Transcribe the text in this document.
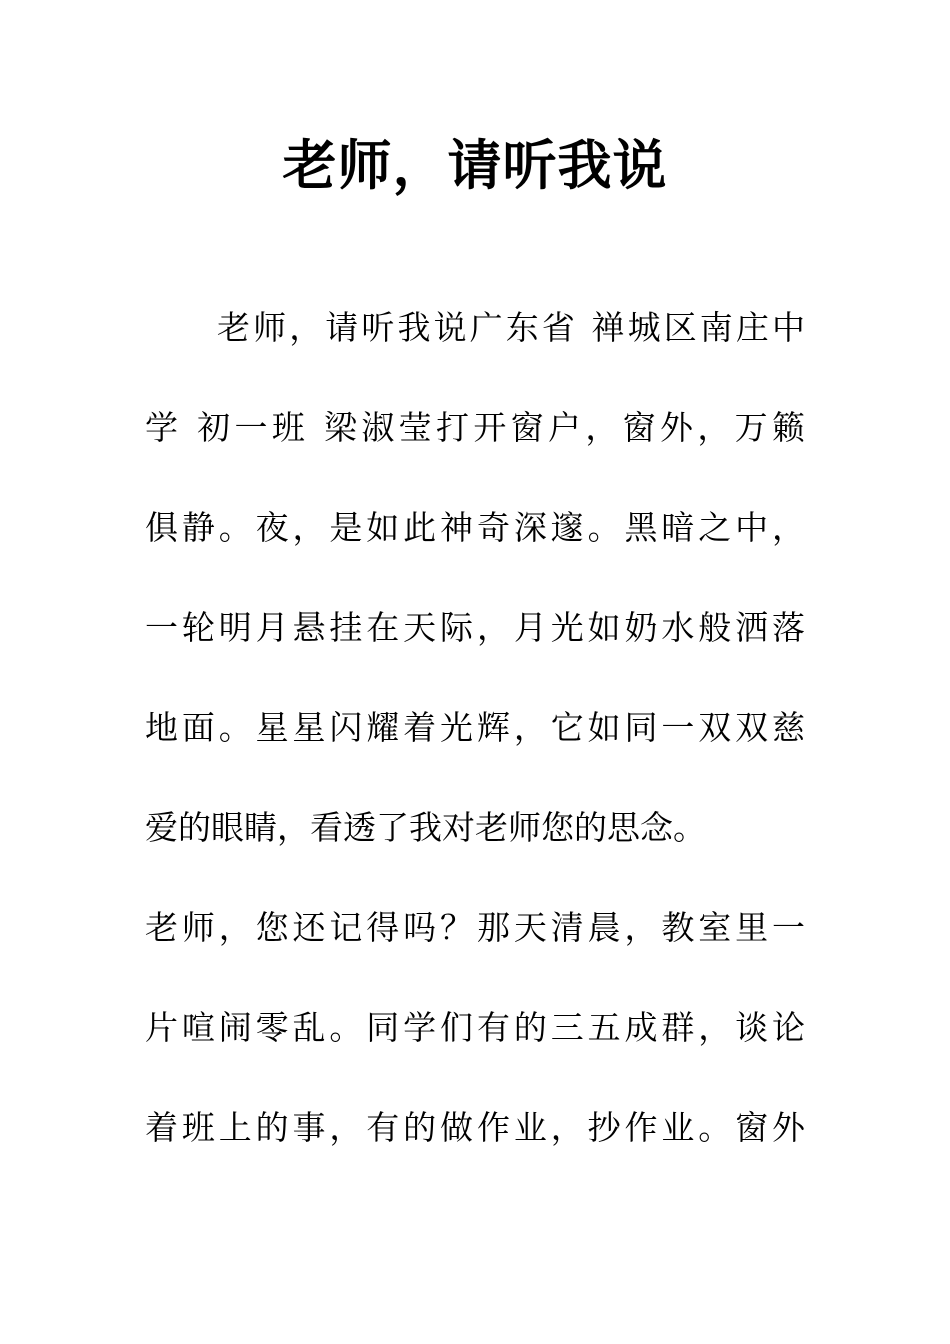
老师，请听我说
老师，请听我说广东省 禅城区南庄中
学 初一班 梁淑莹打开窗户，窗外，万籁
俱静。夜，是如此神奇深邃。黑暗之中，
一轮明月悬挂在天际，月光如奶水般洒落
地面。星星闪耀着光辉，它如同一双双慈
爱的眼睛，看透了我对老师您的思念。
老师，您还记得吗？那天清晨，教室里一
片喧闹零乱。同学们有的三五成群，谈论
着班上的事，有的做作业，抄作业。窗外
